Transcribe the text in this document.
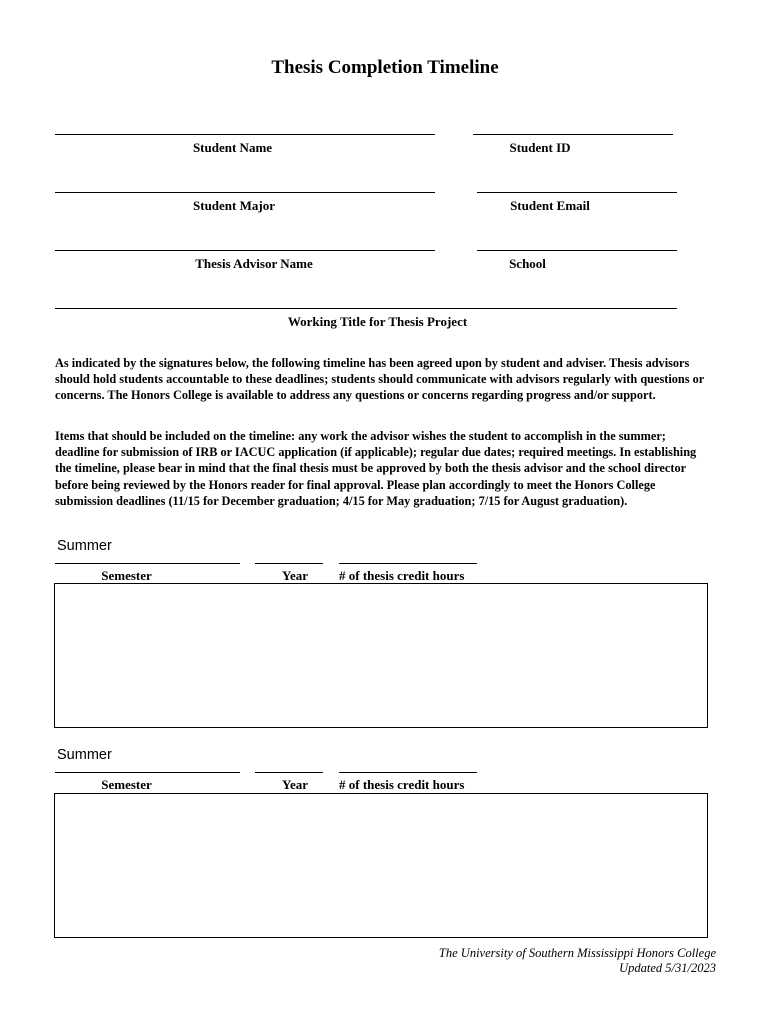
Thesis Completion Timeline
Student Name	Student ID
Student Major	Student Email
Thesis Advisor Name	School
Working Title for Thesis Project
As indicated by the signatures below, the following timeline has been agreed upon by student and adviser. Thesis advisors should hold students accountable to these deadlines; students should communicate with advisors regularly with questions or concerns. The Honors College is available to address any questions or concerns regarding progress and/or support.
Items that should be included on the timeline: any work the advisor wishes the student to accomplish in the summer; deadline for submission of IRB or IACUC application (if applicable); regular due dates; required meetings. In establishing the timeline, please bear in mind that the final thesis must be approved by both the thesis advisor and the school director before being reviewed by the Honors reader for final approval. Please plan accordingly to meet the Honors College submission deadlines (11/15 for December graduation; 4/15 for May graduation; 7/15 for August graduation).
Summer
Semester	Year	# of thesis credit hours
Summer
Semester	Year	# of thesis credit hours
The University of Southern Mississippi Honors College
Updated 5/31/2023
